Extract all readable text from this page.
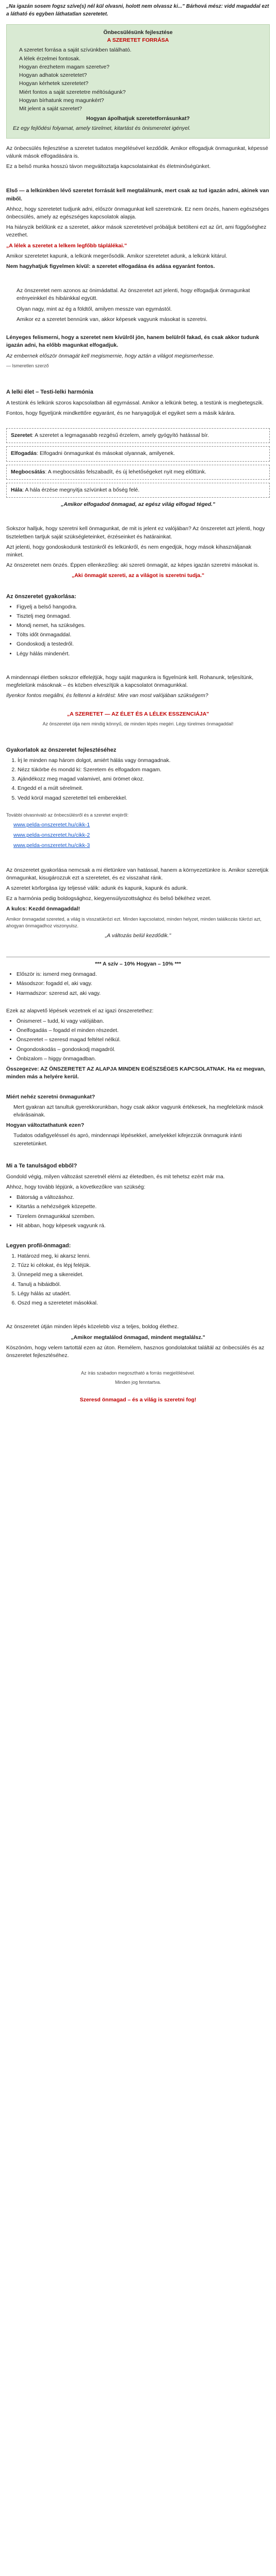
„Na igazán sosem fogsz szíve(s) nél kül olvasni, holott nem olvassz ki..." Bárhová mész: vidd magaddal ezt a látható és egyben láthatatlan szeretetet.

Önbecsülésünk fejlesztése
A SZERETET FORRÁSA
A szeretet forrása a saját szívünkben található.
A lélek érzelmei fontosak.
Hogyan érezhetem magam szeretve?
Hogyan adhatok szeretetet?
Hogyan kérhetek szeretetet?
Miért fontos a saját szeretetre méltóságunk?
Hogyan bírhatunk meg magunkért?
Mit jelent a saját szeretet?
Hogyan ápolhatjuk szeretetforrásunkat?
Ez egy fejlődési folyamat, amely türelmet, kitartást és önismeretet igényel.

Az önbecsülés fejlesztése a szeretet tudatos megélésével kezdődik. Amikor elfogadjuk önmagunkat, képessé válunk mások elfogadására is.

Ez a belső munka hosszú távon megváltoztatja kapcsolatainkat és életminőségünket.

Első — a lelkünkben lévő szeretet forrását kell megtalálnunk, mert csak az tud igazán adni, akinek van miből.

Ahhoz, hogy szeretetet tudjunk adni, először önmagunkat kell szeretnünk. Ez nem önzés, hanem egészséges önbecsülés, amely az egészséges kapcsolatok alapja.

Ha hiányzik belőlünk ez a szeretet, akkor mások szeretetével próbáljuk betölteni ezt az űrt, ami függőséghez vezethet.

„A lélek a szeretet a lelkem legfőbb táplálékai."

Amikor szeretetet kapunk, a lelkünk megerősödik. Amikor szeretetet adunk, a lelkünk kitárul.

Nem hagyhatjuk figyelmen kívül: a szeretet elfogadása és adása egyaránt fontos.

Az önszeretet nem azonos az önimádattal. Az önszeretet azt jelenti, hogy elfogadjuk önmagunkat erényeinkkel és hibáinkkal együtt.

Olyan nagy, mint az ég a földtől, amilyen messze van egymástól.

Amikor ez a szeretet bennünk van, akkor képesek vagyunk másokat is szeretni.

Lényeges felismerni, hogy a szeretet nem kívülről jön, hanem belülről fakad, és csak akkor tudunk igazán adni, ha előbb magunkat elfogadjuk.

Az embernek először önmagát kell megismernie, hogy aztán a világot megismerhesse.

— Ismeretlen szerző

A lelki élet – Testi-lelki harmónia

A testünk és lelkünk szoros kapcsolatban áll egymással. Amikor a lelkünk beteg, a testünk is megbetegszik.

Fontos, hogy figyeljünk mindkettőre egyaránt, és ne hanyagoljuk el egyiket sem a másik kárára.

Szeretet: A szeretet a legmagasabb rezgésű érzelem, amely gyógyító hatással bír.
Elfogadás: Elfogadni önmagunkat és másokat olyannak, amilyenek.
Megbocsátás: A megbocsátás felszabadít, és új lehetőségeket nyit meg előttünk.
Hála: A hála érzése megnyitja szívünket a bőség felé.

„Amikor elfogadod önmagad, az egész világ elfogad téged."

Sokszor halljuk, hogy szeretni kell önmagunkat, de mit is jelent ez valójában? Az önszeretet azt jelenti, hogy tiszteletben tartjuk saját szükségleteinket, érzéseinket és határainkat.

Azt jelenti, hogy gondoskodunk testünkről és lelkünkről, és nem engedjük, hogy mások kihasználjanak minket.

Az önszeretet nem önzés. Éppen ellenkezőleg: aki szereti önmagát, az képes igazán szeretni másokat is.

„Aki önmagát szereti, az a világot is szeretni tudja."

Az önszeretet gyakorlása:
• Figyelj a belső hangodra.
• Tisztelj meg önmagad.
• Mondj nemet, ha szükséges.
• Tölts időt önmagaddal.
• Gondoskodj a testedről.
• Légy hálás mindenért.

A mindennapi életben sokszor elfelejtjük, hogy saját magunkra is figyelnünk kell. Rohanunk, teljesítünk, megfelelünk másoknak – és közben elveszítjük a kapcsolatot önmagunkkal.

Ilyenkor fontos megállni, és feltenni a kérdést: Mire van most valójában szükségem?

„A SZERETET — AZ ÉLET ÉS A LÉLEK ESSZENCIÁJA"

Az önszeretet útja nem mindig könnyű, de minden lépés megéri. Légy türelmes önmagaddal!

Gyakorlatok az önszeretet fejlesztéséhez
1. Írj le minden nap három dolgot, amiért hálás vagy önmagadnak.
2. Nézz tükörbe és mondd ki: Szeretem és elfogadom magam.
3. Ajándékozz meg magad valamivel, ami örömet okoz.
4. Engedd el a múlt sérelmeit.
5. Vedd körül magad szeretettel teli emberekkel.

További olvasnivaló az önbecsülésről és a szeretet erejéről:

www.pelda-onszeretet.hu/cikk-1

www.pelda-onszeretet.hu/cikk-2

www.pelda-onszeretet.hu/cikk-3

Az önszeretet gyakorlása nemcsak a mi életünkre van hatással, hanem a környezetünkre is. Amikor szeretjük önmagunkat, kisugározzuk ezt a szeretetet, és ez visszahat ránk.

A szeretet körforgása így teljessé válik: adunk és kapunk, kapunk és adunk.

Ez a harmónia pedig boldogsághoz, kiegyensúlyozottsághoz és belső békéhez vezet.

A kulcs: Kezdd önmagaddal!

Amikor önmagadat szereted, a világ is visszatükrözi ezt. Minden kapcsolatod, minden helyzet, minden találkozás tükrözi azt, ahogyan önmagadhoz viszonyulsz.

„A változás belül kezdődik."

*** A szív – 10% Hogyan – 10% ***

• Először is: ismerd meg önmagad.
• Másodszor: fogadd el, aki vagy.
• Harmadszor: szeresd azt, aki vagy.

Ezek az alapvető lépések vezetnek el az igazi önszeretethez:

• Önismeret – tudd, ki vagy valójában.
• Önelfogadás – fogadd el minden részedet.
• Önszeretet – szeresd magad feltétel nélkül.
• Öngondoskodás – gondoskodj magadról.
• Önbizalom – higgy önmagadban.

Összegezve: AZ ÖNSZERETET AZ ALAPJA MINDEN EGÉSZSÉGES KAPCSOLATNAK. Ha ez megvan, minden más a helyére kerül.

Miért nehéz szeretni önmagunkat?

Mert gyakran azt tanultuk gyerekkorunkban, hogy csak akkor vagyunk értékesek, ha megfelelünk mások elvárásainak.

Hogyan változtathatunk ezen?

Tudatos odafigyeléssel és apró, mindennapi lépésekkel, amelyekkel kifejezzük önmagunk iránti szeretetünket.

Mi a Te tanulságod ebből?

Gondold végig, milyen változást szeretnél elérni az életedben, és mit tehetsz ezért már ma.

Ahhoz, hogy tovább lépjünk, a következőkre van szükség:

• Bátorság a változáshoz.
• Kitartás a nehézségek közepette.
• Türelem önmagunkkal szemben.
• Hit abban, hogy képesek vagyunk rá.
Legyen profil-önmagad:
1. Határozd meg, ki akarsz lenni.
2. Tűzz ki célokat, és lépj feléjük.
3. Ünnepeld meg a sikereidet.
4. Tanulj a hibáidból.
5. Légy hálás az utadért.
6. Oszd meg a szeretetet másokkal.

Az önszeretet útján minden lépés közelebb visz a teljes, boldog élethez.

„Amikor megtalálod önmagad, mindent megtalálsz."

Köszönöm, hogy velem tartottál ezen az úton. Remélem, hasznos gondolatokat találtál az önbecsülés és az önszeretet fejlesztéséhez.

Az írás szabadon megosztható a forrás megjelölésével.

Minden jog fenntartva.

Szeresd önmagad – és a világ is szeretni fog!
